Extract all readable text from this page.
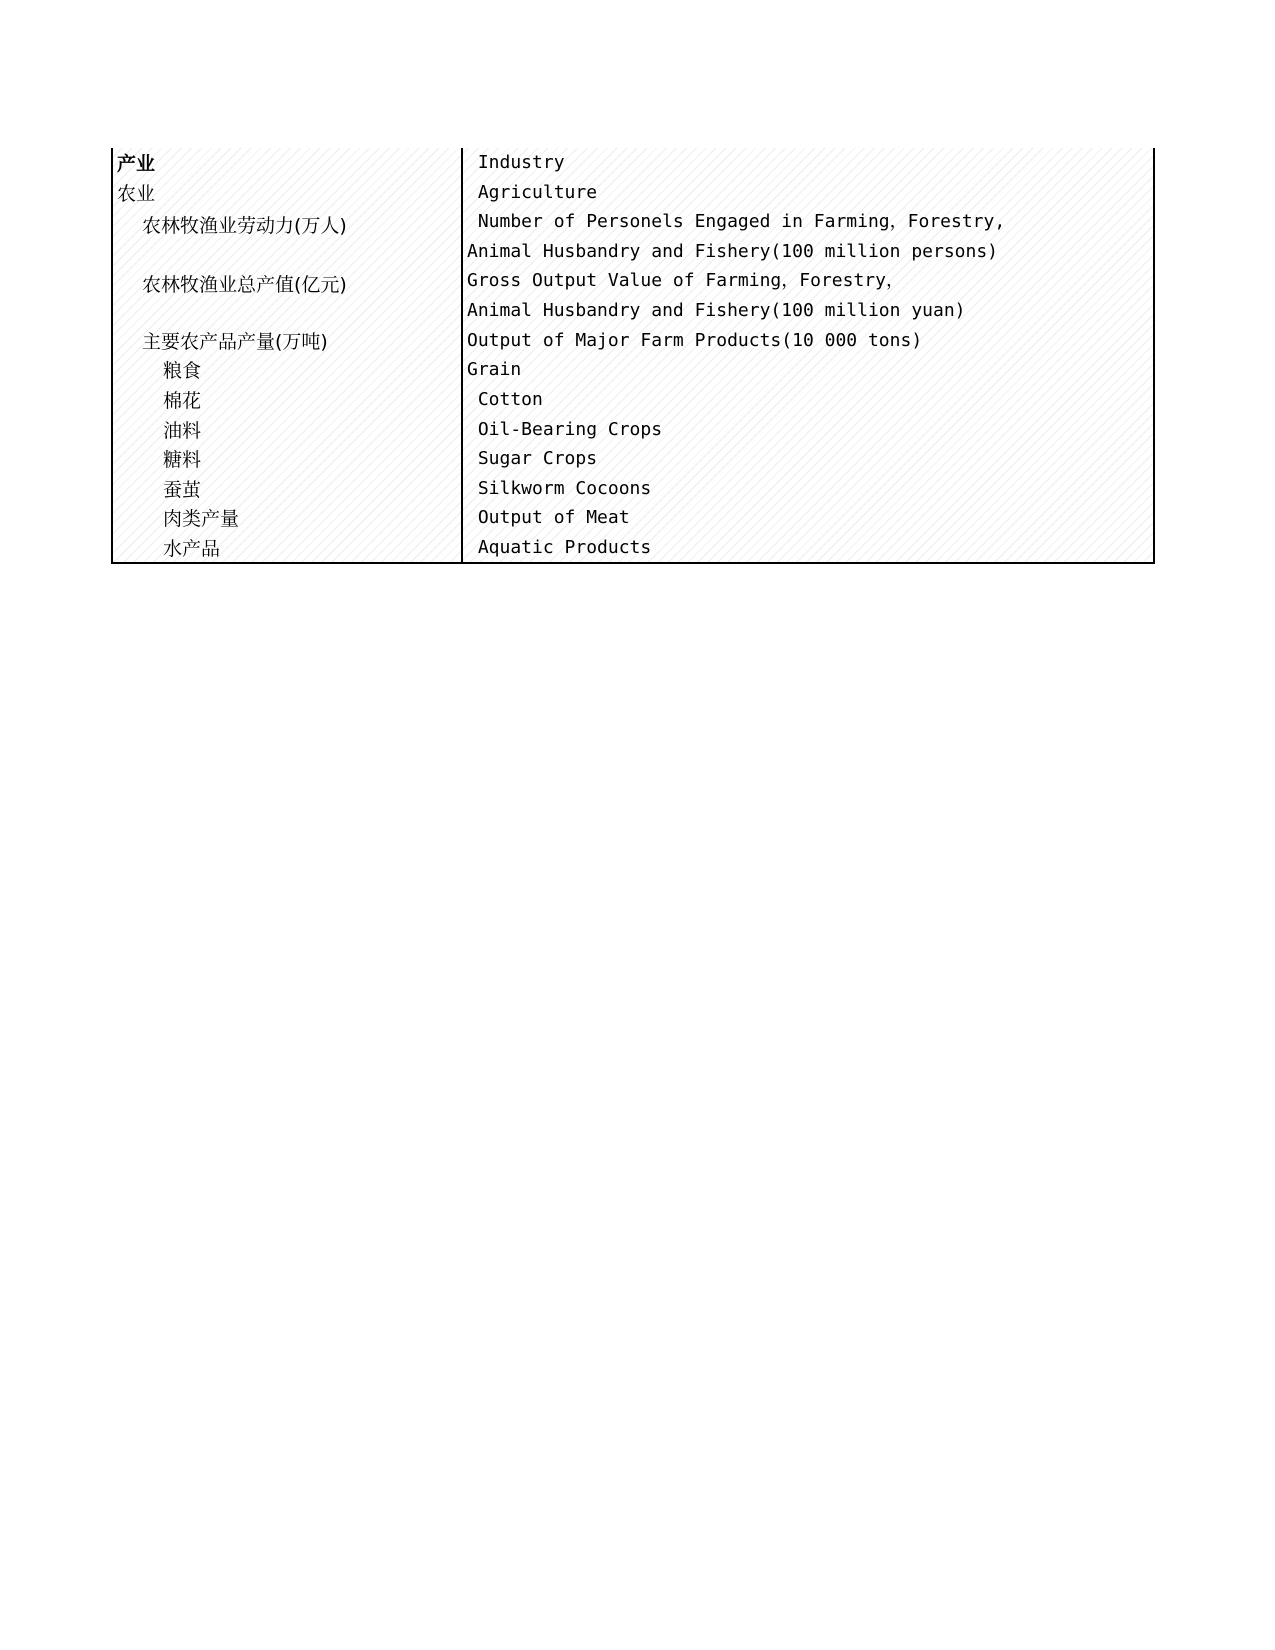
产业	Industry
农业	Agriculture
农林牧渔业劳动力(万人)	Number of Personels Engaged in Farming，Forestry,
Animal Husbandry and Fishery(100 million persons)
农林牧渔业总产值(亿元)	Gross Output Value of Farming，Forestry，
Animal Husbandry and Fishery(100 million yuan)
主要农产品产量(万吨)	Output of Major Farm Products(10 000 tons)
粮食	Grain
棉花	Cotton
油料	Oil-Bearing Crops
糖料	Sugar Crops
蚕茧	Silkworm Cocoons
肉类产量	Output of Meat
水产品	Aquatic Products
